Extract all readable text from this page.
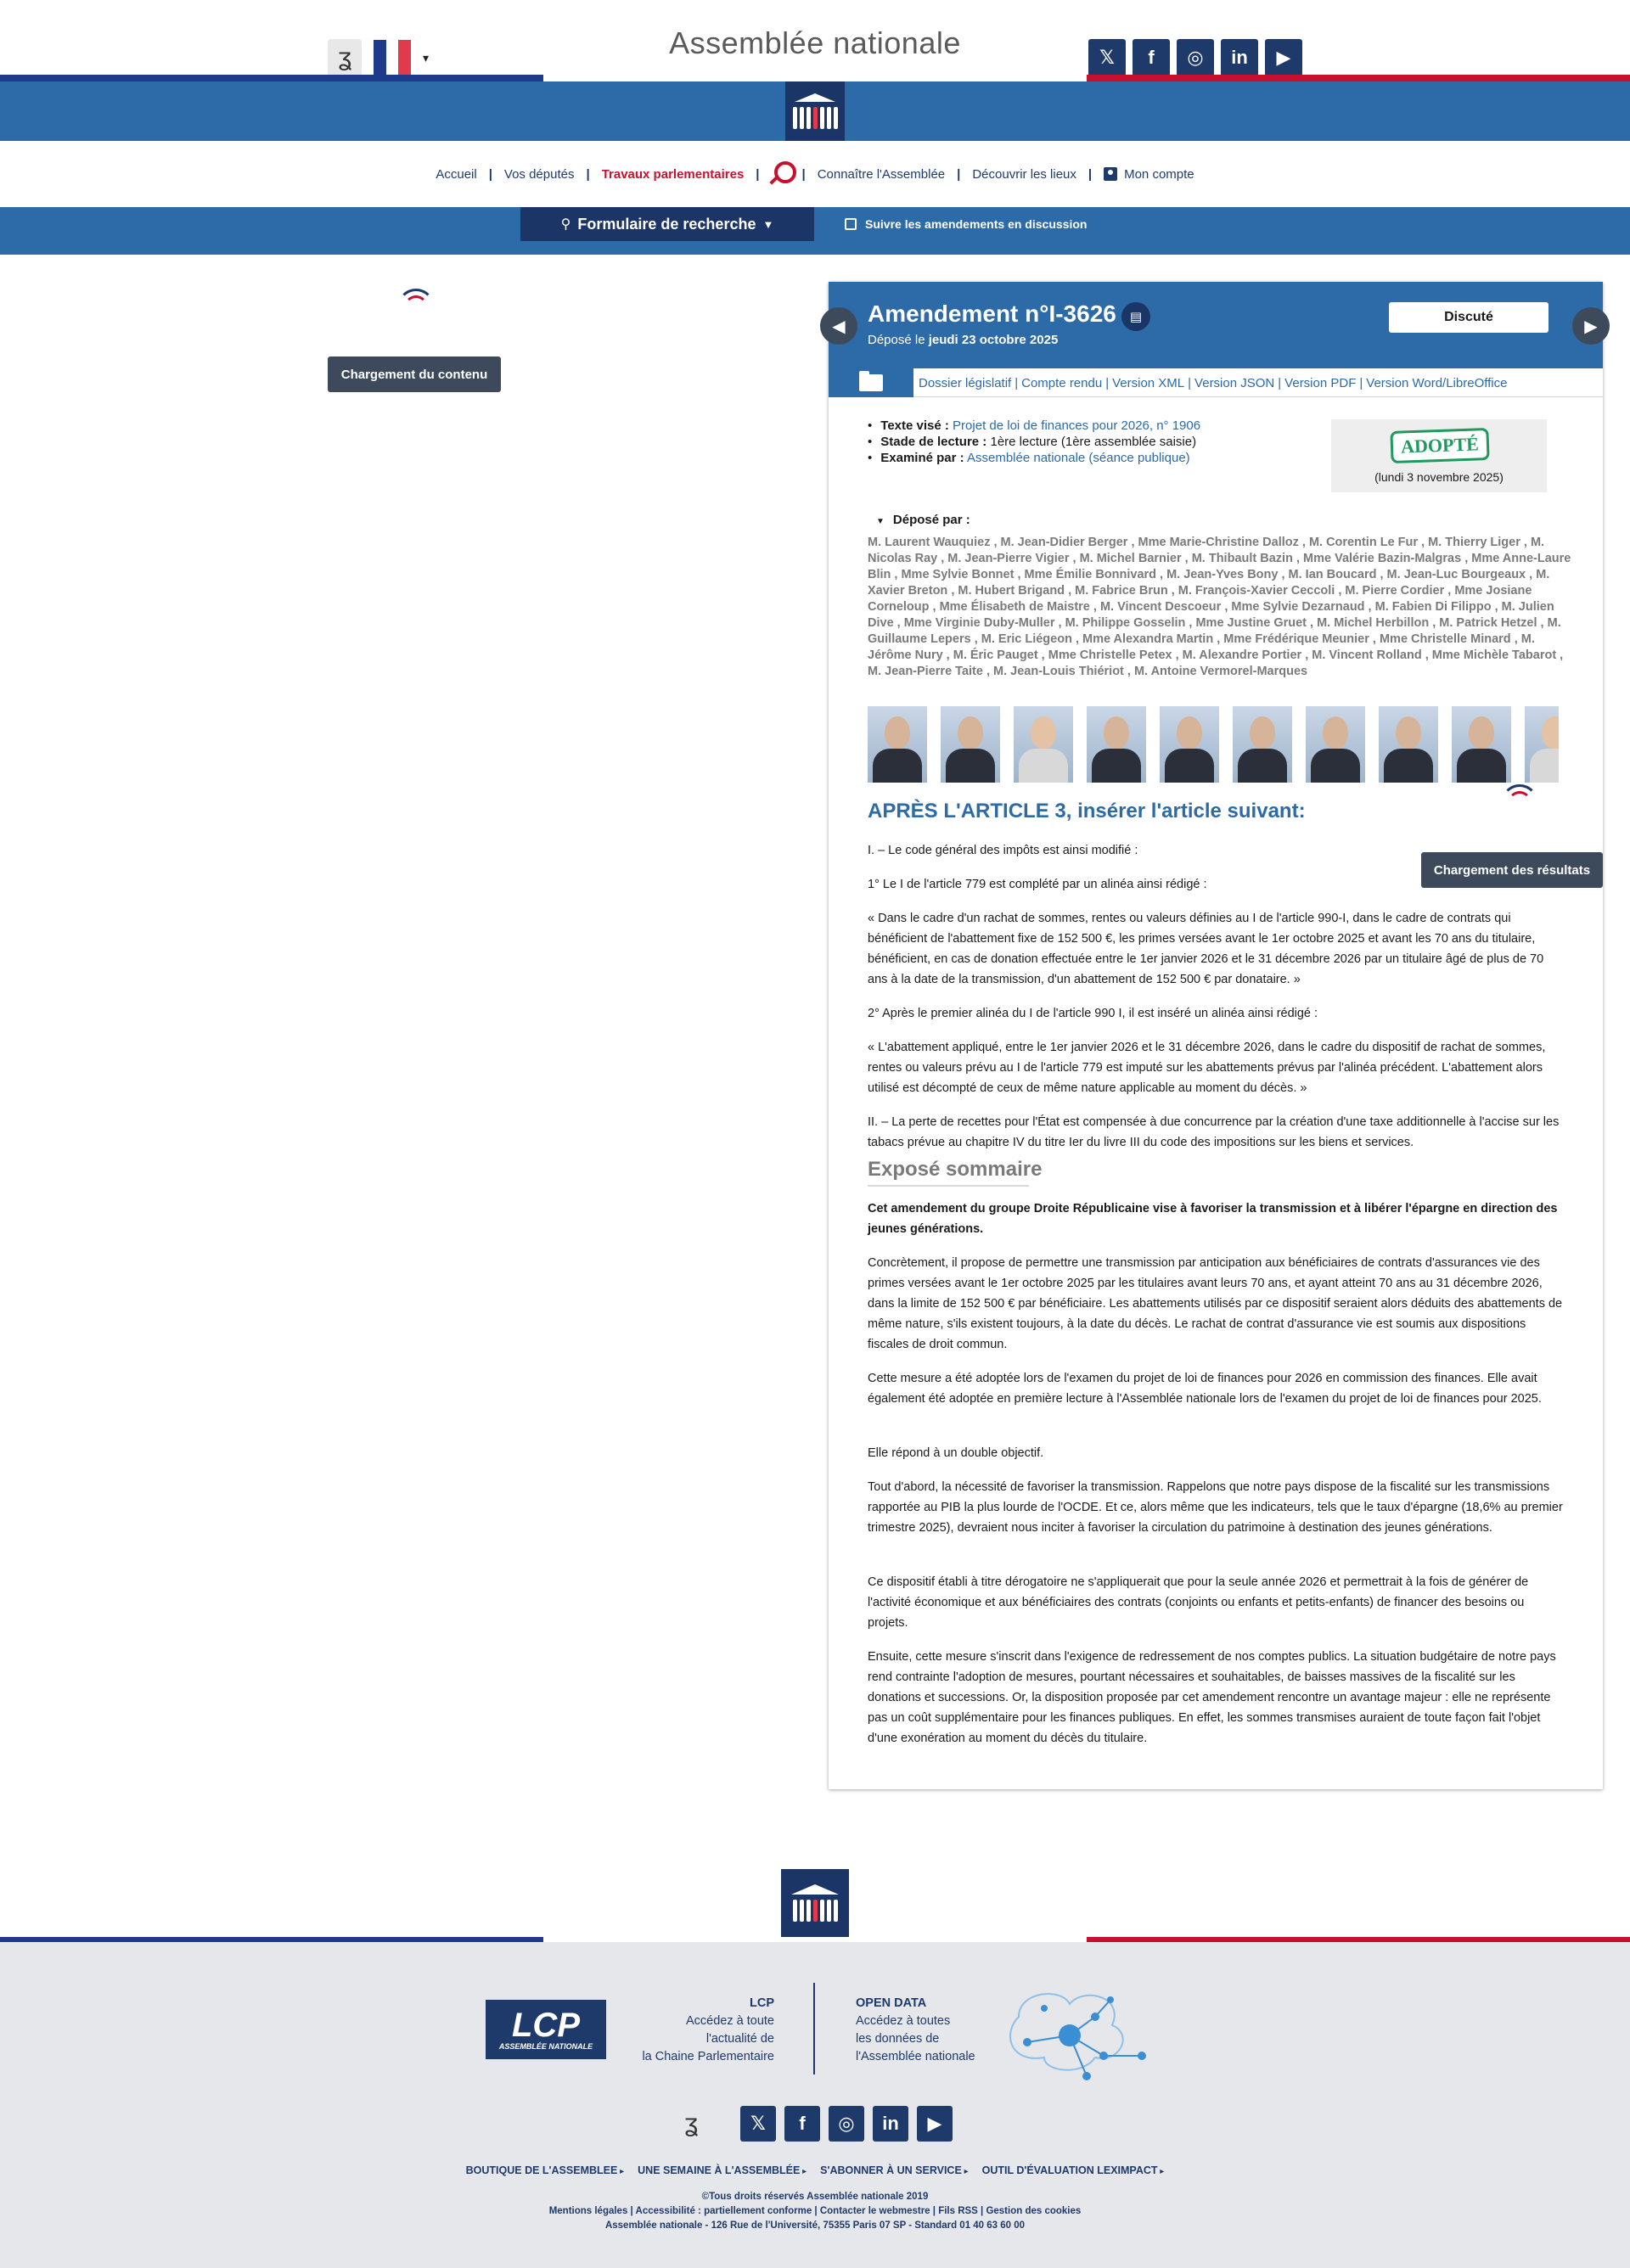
Assemblée nationale
ʓ	▾	𝕏	f	◎	in	▶
Accueil | Vos députés | Travaux parlementaires |	| Connaître l'Assemblée | Découvrir les lieux |	Mon compte
⚲ Formulaire de recherche ▼	Suivre les amendements en discussion
Chargement du contenu
Amendement n°I-3626	▤
Déposé le jeudi 23 octobre 2025
Discuté
Dossier législatif | Compte rendu | Version XML | Version JSON | Version PDF | Version Word/LibreOffice
• Texte visé : Projet de loi de finances pour 2026, n° 1906
• Stade de lecture : 1ère lecture (1ère assemblée saisie)
• Examiné par : Assemblée nationale (séance publique)
ADOPTÉ
(lundi 3 novembre 2025)
▼ Déposé par :
M. Laurent Wauquiez , M. Jean-Didier Berger , Mme Marie-Christine Dalloz , M. Corentin Le Fur , M. Thierry Liger , M. Nicolas Ray , M. Jean-Pierre Vigier , M. Michel Barnier , M. Thibault Bazin , Mme Valérie Bazin-Malgras , Mme Anne-Laure Blin , Mme Sylvie Bonnet , Mme Émilie Bonnivard , M. Jean-Yves Bony , M. Ian Boucard , M. Jean-Luc Bourgeaux , M. Xavier Breton , M. Hubert Brigand , M. Fabrice Brun , M. François-Xavier Ceccoli , M. Pierre Cordier , Mme Josiane Corneloup , Mme Élisabeth de Maistre , M. Vincent Descoeur , Mme Sylvie Dezarnaud , M. Fabien Di Filippo , M. Julien Dive , Mme Virginie Duby-Muller , M. Philippe Gosselin , Mme Justine Gruet , M. Michel Herbillon , M. Patrick Hetzel , M. Guillaume Lepers , M. Eric Liégeon , Mme Alexandra Martin , Mme Frédérique Meunier , Mme Christelle Minard , M. Jérôme Nury , M. Éric Pauget , Mme Christelle Petex , M. Alexandre Portier , M. Vincent Rolland , Mme Michèle Tabarot , M. Jean-Pierre Taite , M. Jean-Louis Thiériot , M. Antoine Vermorel-Marques
APRÈS L'ARTICLE 3, insérer l'article suivant:
I. – Le code général des impôts est ainsi modifié :
1° Le I de l'article 779 est complété par un alinéa ainsi rédigé :
« Dans le cadre d'un rachat de sommes, rentes ou valeurs définies au I de l'article 990-I, dans le cadre de contrats qui bénéficient de l'abattement fixe de 152 500 €, les primes versées avant le 1er octobre 2025 et avant les 70 ans du titulaire, bénéficient, en cas de donation effectuée entre le 1er janvier 2026 et le 31 décembre 2026 par un titulaire âgé de plus de 70 ans à la date de la transmission, d'un abattement de 152 500 € par donataire. »
2° Après le premier alinéa du I de l'article 990 I, il est inséré un alinéa ainsi rédigé :
« L'abattement appliqué, entre le 1er janvier 2026 et le 31 décembre 2026, dans le cadre du dispositif de rachat de sommes, rentes ou valeurs prévu au I de l'article 779 est imputé sur les abattements prévus par l'alinéa précédent. L'abattement alors utilisé est décompté de ceux de même nature applicable au moment du décès. »
II. – La perte de recettes pour l'État est compensée à due concurrence par la création d'une taxe additionnelle à l'accise sur les tabacs prévue au chapitre IV du titre Ier du livre III du code des impositions sur les biens et services.
Exposé sommaire
Cet amendement du groupe Droite Républicaine vise à favoriser la transmission et à libérer l'épargne en direction des jeunes générations.
Concrètement, il propose de permettre une transmission par anticipation aux bénéficiaires de contrats d'assurances vie des primes versées avant le 1er octobre 2025 par les titulaires avant leurs 70 ans, et ayant atteint 70 ans au 31 décembre 2026, dans la limite de 152 500 € par bénéficiaire. Les abattements utilisés par ce dispositif seraient alors déduits des abattements de même nature, s'ils existent toujours, à la date du décès. Le rachat de contrat d'assurance vie est soumis aux dispositions fiscales de droit commun.
Cette mesure a été adoptée lors de l'examen du projet de loi de finances pour 2026 en commission des finances. Elle avait également été adoptée en première lecture à l'Assemblée nationale lors de l'examen du projet de loi de finances pour 2025.
Elle répond à un double objectif.
Tout d'abord, la nécessité de favoriser la transmission. Rappelons que notre pays dispose de la fiscalité sur les transmissions rapportée au PIB la plus lourde de l'OCDE. Et ce, alors même que les indicateurs, tels que le taux d'épargne (18,6% au premier trimestre 2025), devraient nous inciter à favoriser la circulation du patrimoine à destination des jeunes générations.
Ce dispositif établi à titre dérogatoire ne s'appliquerait que pour la seule année 2026 et permettrait à la fois de générer de l'activité économique et aux bénéficiaires des contrats (conjoints ou enfants et petits-enfants) de financer des besoins ou projets.
Ensuite, cette mesure s'inscrit dans l'exigence de redressement de nos comptes publics. La situation budgétaire de notre pays rend contrainte l'adoption de mesures, pourtant nécessaires et souhaitables, de baisses massives de la fiscalité sur les donations et successions. Or, la disposition proposée par cet amendement rencontre un avantage majeur : elle ne représente pas un coût supplémentaire pour les finances publiques. En effet, les sommes transmises auraient de toute façon fait l'objet d'une exonération au moment du décès du titulaire.
◀	▶
Chargement des résultats
LCP
ASSEMBLÉE NATIONALE
LCP
Accédez à toute
l'actualité de
la Chaine Parlementaire
OPEN DATA
Accédez à toutes
les données de
l'Assemblée nationale
ʓ	𝕏	f	◎	in	▶
BOUTIQUE DE L'ASSEMBLEE ▸	UNE SEMAINE À L'ASSEMBLÉE ▸	S'ABONNER À UN SERVICE ▸	OUTIL D'ÉVALUATION LEXIMPACT ▸
©Tous droits réservés Assemblée nationale 2019
Mentions légales | Accessibilité : partiellement conforme | Contacter le webmestre | Fils RSS | Gestion des cookies
Assemblée nationale - 126 Rue de l'Université, 75355 Paris 07 SP - Standard 01 40 63 60 00
